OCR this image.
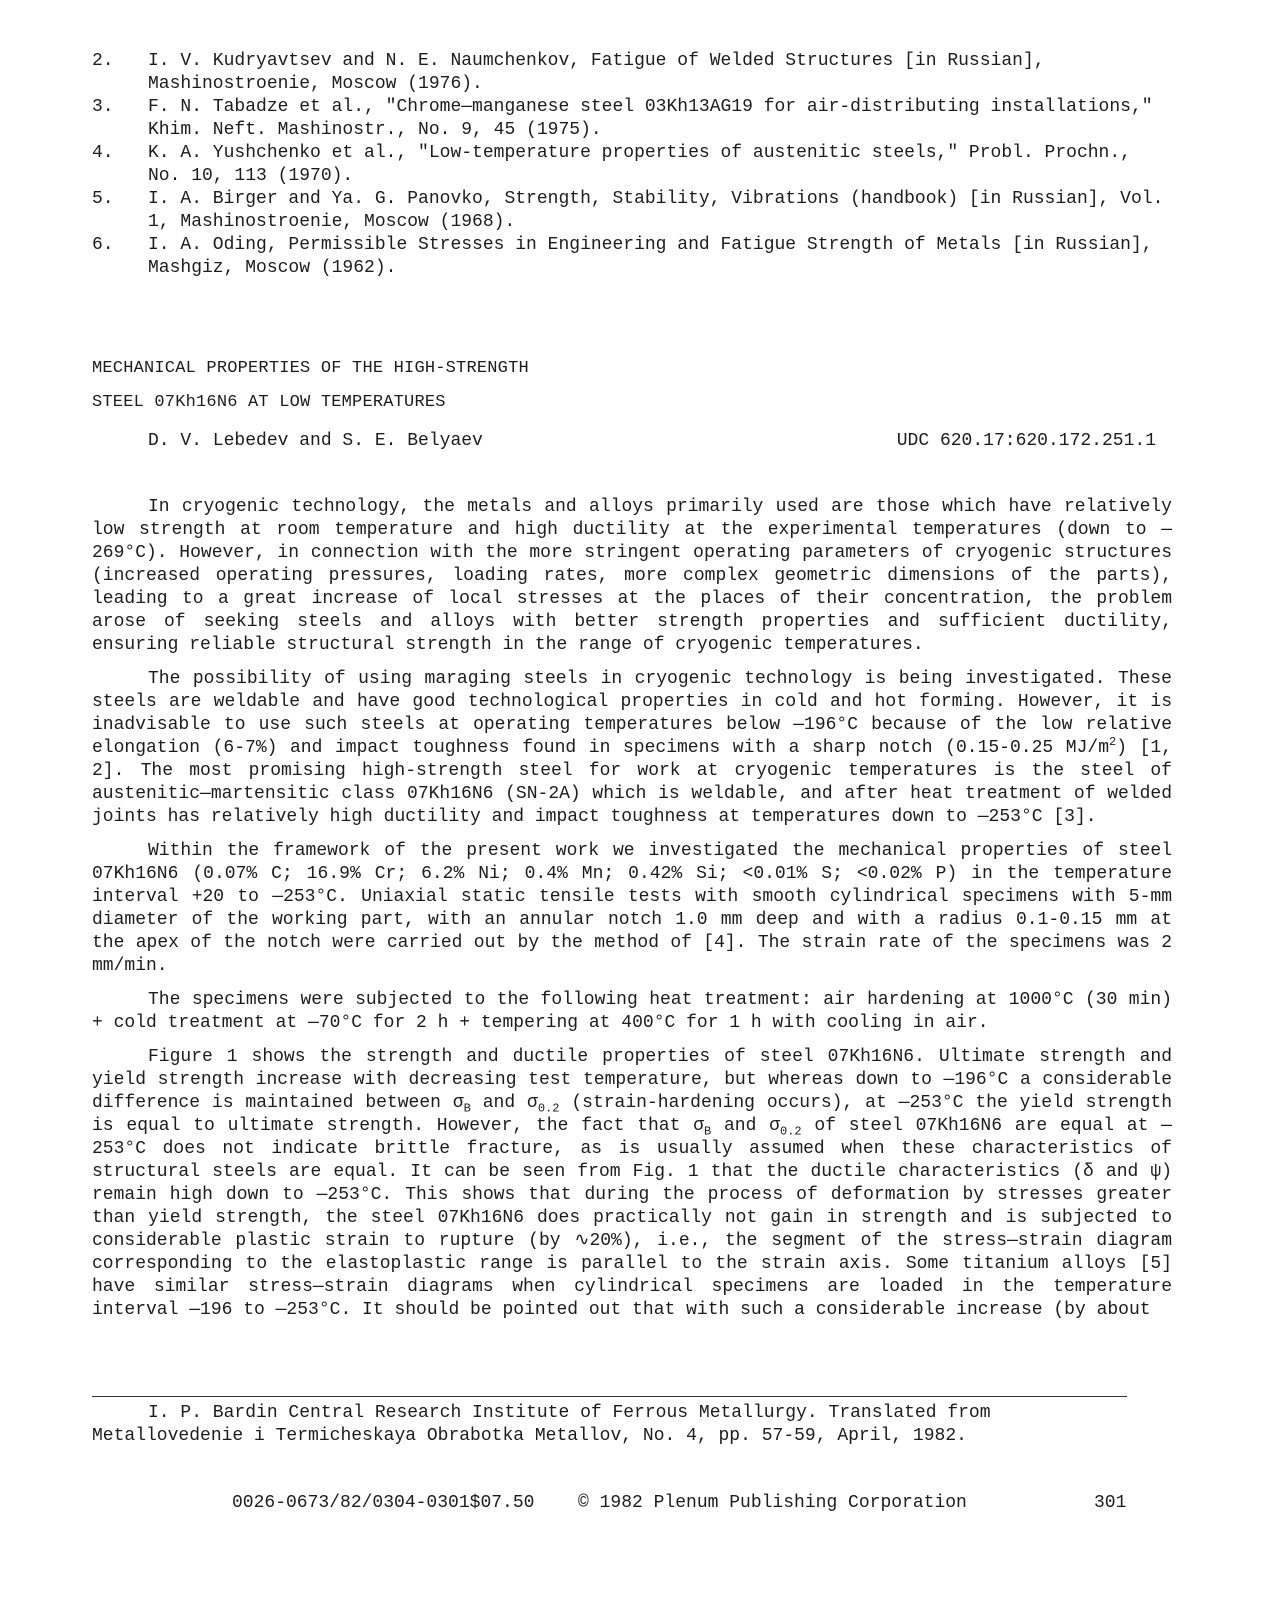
2.	I. V. Kudryavtsev and N. E. Naumchenkov, Fatigue of Welded Structures [in Russian], Mashinostroenie, Moscow (1976).
3.	F. N. Tabadze et al., "Chrome—manganese steel 03Kh13AG19 for air-distributing installations," Khim. Neft. Mashinostr., No. 9, 45 (1975).
4.	K. A. Yushchenko et al., "Low-temperature properties of austenitic steels," Probl. Prochn., No. 10, 113 (1970).
5.	I. A. Birger and Ya. G. Panovko, Strength, Stability, Vibrations (handbook) [in Russian], Vol. 1, Mashinostroenie, Moscow (1968).
6.	I. A. Oding, Permissible Stresses in Engineering and Fatigue Strength of Metals [in Russian], Mashgiz, Moscow (1962).
MECHANICAL PROPERTIES OF THE HIGH-STRENGTH
STEEL 07Kh16N6 AT LOW TEMPERATURES
D. V. Lebedev and S. E. Belyaev	UDC 620.17:620.172.251.1

In cryogenic technology, the metals and alloys primarily used are those which have relatively low strength at room temperature and high ductility at the experimental temperatures (down to —269°C). However, in connection with the more stringent operating parameters of cryogenic structures (increased operating pressures, loading rates, more complex geometric dimensions of the parts), leading to a great increase of local stresses at the places of their concentration, the problem arose of seeking steels and alloys with better strength properties and sufficient ductility, ensuring reliable structural strength in the range of cryogenic temperatures.

The possibility of using maraging steels in cryogenic technology is being investigated. These steels are weldable and have good technological properties in cold and hot forming. However, it is inadvisable to use such steels at operating temperatures below —196°C because of the low relative elongation (6-7%) and impact toughness found in specimens with a sharp notch (0.15-0.25 $MJ/m^2$) [1, 2]. The most promising high-strength steel for work at cryogenic temperatures is the steel of austenitic—martensitic class 07Kh16N6 (SN-2A) which is weldable, and after heat treatment of welded joints has relatively high ductility and impact toughness at temperatures down to —253°C [3].

Within the framework of the present work we investigated the mechanical properties of steel 07Kh16N6 (0.07% C; 16.9% Cr; 6.2% Ni; 0.4% Mn; 0.42% Si; <0.01% S; <0.02% P) in the temperature interval +20 to —253°C. Uniaxial static tensile tests with smooth cylindrical specimens with 5-mm diameter of the working part, with an annular notch 1.0 mm deep and with a radius 0.1-0.15 mm at the apex of the notch were carried out by the method of [4]. The strain rate of the specimens was 2 mm/min.

The specimens were subjected to the following heat treatment: air hardening at 1000°C (30 min) + cold treatment at —70°C for 2 h + tempering at 400°C for 1 h with cooling in air.

Figure 1 shows the strength and ductile properties of steel 07Kh16N6. Ultimate strength and yield strength increase with decreasing test temperature, but whereas down to —196°C a considerable difference is maintained between $\sigma_B$ and $\sigma_{0.2}$ (strain-hardening occurs), at —253°C the yield strength is equal to ultimate strength. However, the fact that $\sigma_B$ and $\sigma_{0.2}$ of steel 07Kh16N6 are equal at —253°C does not indicate brittle fracture, as is usually assumed when these characteristics of structural steels are equal. It can be seen from Fig. 1 that the ductile characteristics (δ and ψ) remain high down to —253°C. This shows that during the process of deformation by stresses greater than yield strength, the steel 07Kh16N6 does practically not gain in strength and is subjected to considerable plastic strain to rupture (by ∿20%), i.e., the segment of the stress—strain diagram corresponding to the elastoplastic range is parallel to the strain axis. Some titanium alloys [5] have similar stress—strain diagrams when cylindrical specimens are loaded in the temperature interval —196 to —253°C. It should be pointed out that with such a considerable increase (by about

I. P. Bardin Central Research Institute of Ferrous Metallurgy. Translated from Metallovedenie i Termicheskaya Obrabotka Metallov, No. 4, pp. 57-59, April, 1982.
0026-0673/82/0304-0301$07.50 © 1982 Plenum Publishing Corporation	301
